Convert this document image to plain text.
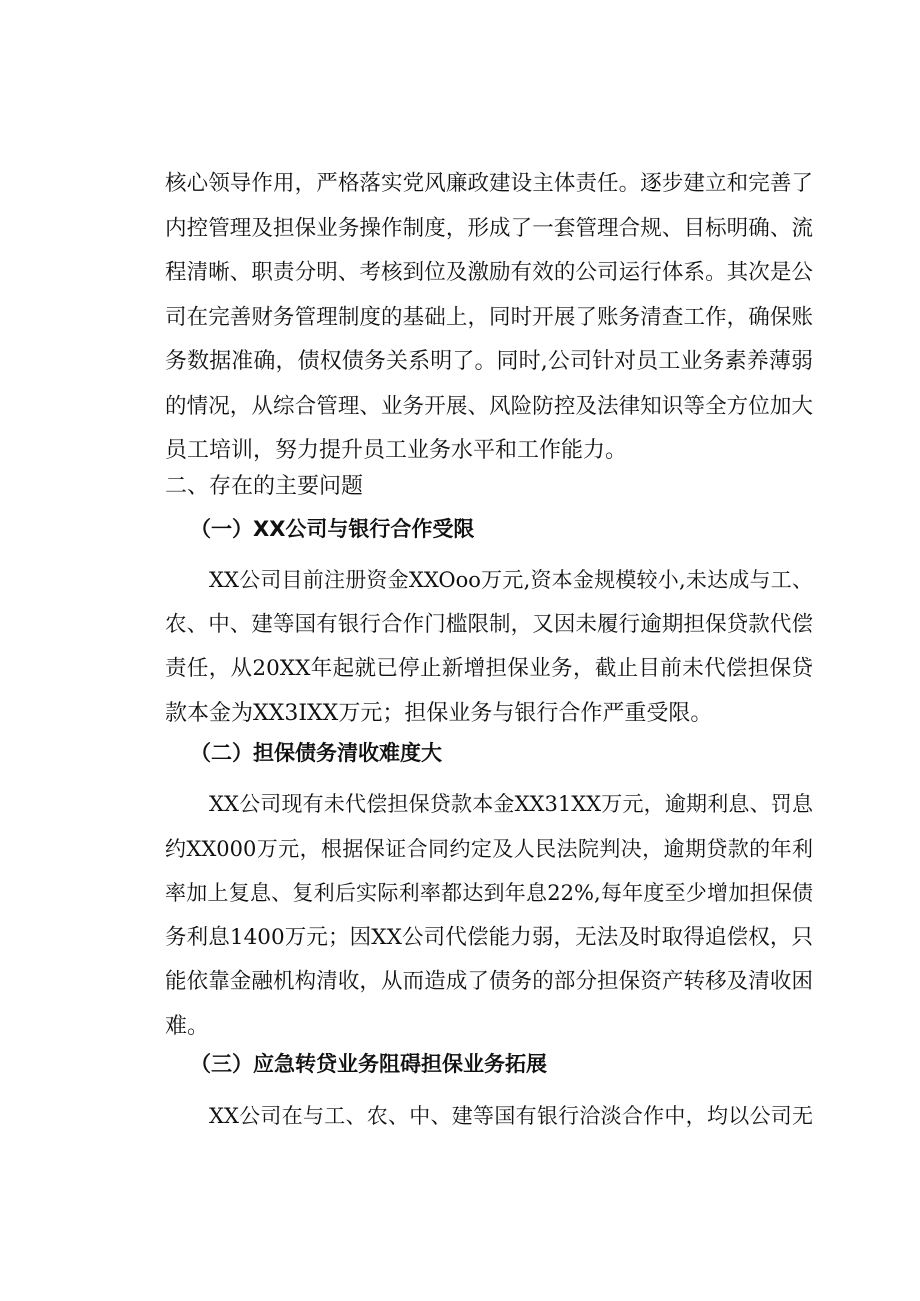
核心领导作用，严格落实党风廉政建设主体责任。逐步建立和完善了
内控管理及担保业务操作制度，形成了一套管理合规、目标明确、流
程清晰、职责分明、考核到位及激励有效的公司运行体系。其次是公
司在完善财务管理制度的基础上，同时开展了账务清查工作，确保账
务数据准确，债权债务关系明了。同时,公司针对员工业务素养薄弱
的情况，从综合管理、业务开展、风险防控及法律知识等全方位加大
员工培训，努力提升员工业务水平和工作能力。
二、存在的主要问题
（一）XX公司与银行合作受限
XX公司目前注册资金XXOoo万元,资本金规模较小,未达成与工、
农、中、建等国有银行合作门槛限制，又因未履行逾期担保贷款代偿
责任，从20XX年起就已停止新增担保业务，截止目前未代偿担保贷
款本金为XX3IXX万元；担保业务与银行合作严重受限。
（二）担保债务清收难度大
XX公司现有未代偿担保贷款本金XX31XX万元，逾期利息、罚息
约XX000万元，根据保证合同约定及人民法院判决，逾期贷款的年利
率加上复息、复利后实际利率都达到年息22%,每年度至少增加担保债
务利息1400万元；因XX公司代偿能力弱，无法及时取得追偿权，只
能依靠金融机构清收，从而造成了债务的部分担保资产转移及清收困
难。
（三）应急转贷业务阻碍担保业务拓展
XX公司在与工、农、中、建等国有银行洽淡合作中，均以公司无
